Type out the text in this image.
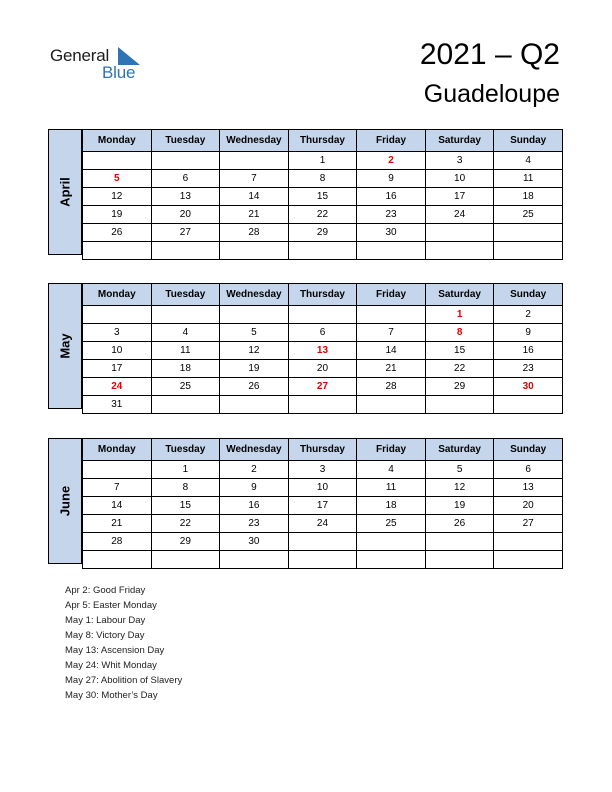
General
Blue
2021 – Q2
Guadeloupe
April
Monday	Tuesday	Wednesday	Thursday	Friday	Saturday	Sunday
			1	2	3	4
5	6	7	8	9	10	11
12	13	14	15	16	17	18
19	20	21	22	23	24	25
26	27	28	29	30		

May
Monday	Tuesday	Wednesday	Thursday	Friday	Saturday	Sunday
					1	2
3	4	5	6	7	8	9
10	11	12	13	14	15	16
17	18	19	20	21	22	23
24	25	26	27	28	29	30
31						
June
Monday	Tuesday	Wednesday	Thursday	Friday	Saturday	Sunday
	1	2	3	4	5	6
7	8	9	10	11	12	13
14	15	16	17	18	19	20
21	22	23	24	25	26	27
28	29	30				

Apr 2: Good Friday
Apr 5: Easter Monday
May 1: Labour Day
May 8: Victory Day
May 13: Ascension Day
May 24: Whit Monday
May 27: Abolition of Slavery
May 30: Mother’s Day
